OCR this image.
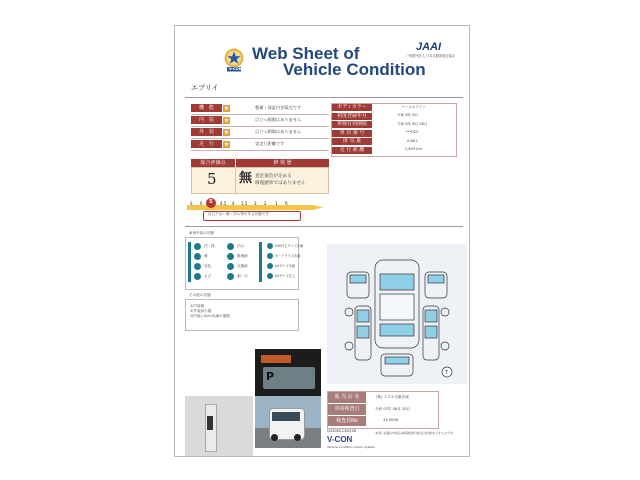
V-CON
Web Sheet of
Vehicle Condition
JAAI
一般財団法人 日本自動車査定協会
エブリイ
機　能	★	整備・保証付き販売です
内　装	★	目立つ損傷はありません
外　装	★	目立つ損傷はありません
走　行	★	実走行距離です
ボディカラー	パールホワイト
初度登録年月	令和 6年 8月
車検有効期限	令和 8年 8月 28日
車 台 番 号	***022
排 気 量	0.66 L
走 行 距 離	2,629 km
総合評価点	修 復 歴
5 無 査定協会が定める
修復歴車ではありません
S 6 5 4.5 4 3.5 3 2 1 R
目立たない傷・凹み等がある状態です
車両外装の状態
凹・段
傷
変色
さび
凹み
修理跡
交換跡
割・穴
500円玉サイズ未満
カードサイズ未満
A4サイズ未満
A4サイズ以上
その他の状態
①内装傷
②外装部小傷
③内装に5cm未満の損傷
T
P
販 売 店 名	(株) スズキ自販茨城
車両検査日	令和 07年 06月 20日
検査員No	33-9006
N33080-000206
V-CON
Vehicle Condition Check System
本書に記載の内容は車両検査日時点の状態を示すものです。
